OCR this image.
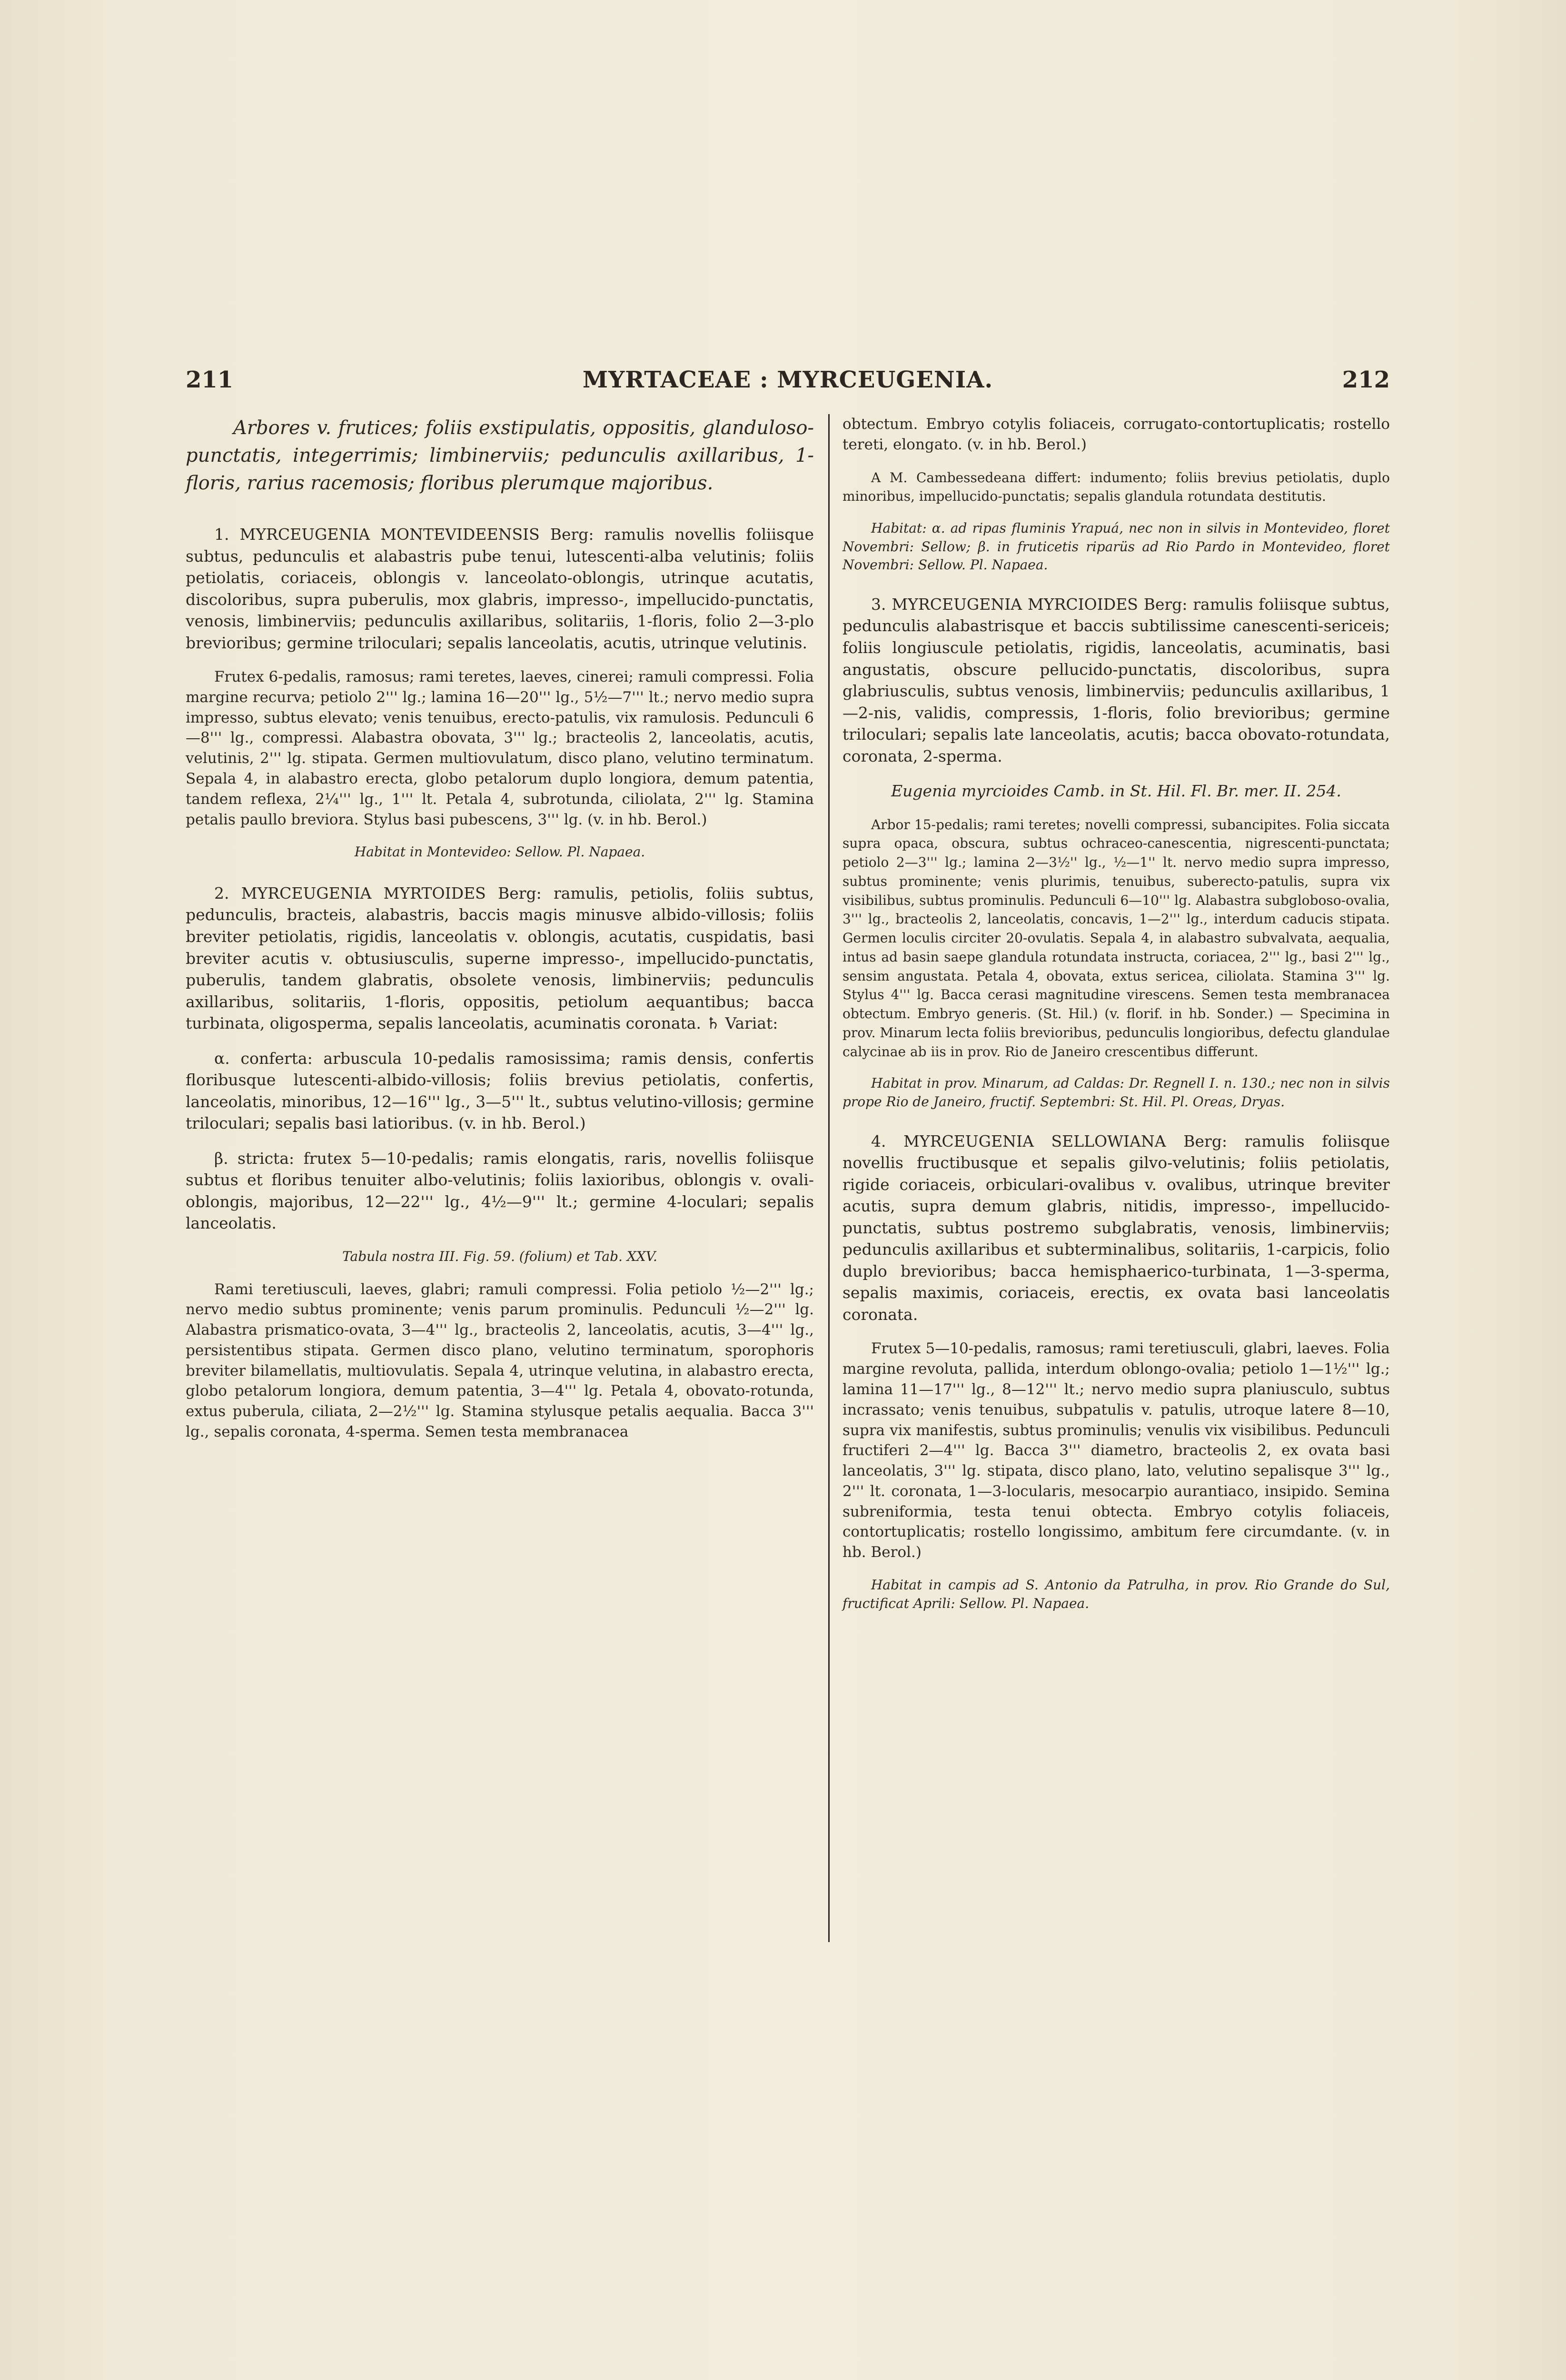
211	MYRTACEAE : MYRCEUGENIA.	212

Arbores v. frutices; foliis exstipulatis, oppositis, glanduloso-punctatis, integerrimis; limbinerviis; pedunculis axillaribus, 1-floris, rarius racemosis; floribus plerumque majoribus.

1. MYRCEUGENIA MONTEVIDEENSIS Berg: ramulis novellis foliisque subtus, pedunculis et alabastris pube tenui, lutescenti-alba velutinis; foliis petiolatis, coriaceis, oblongis v. lanceolato-oblongis, utrinque acutatis, discoloribus, supra puberulis, mox glabris, impresso-, impellucido-punctatis, venosis, limbinerviis; pedunculis axillaribus, solitariis, 1-floris, folio 2—3-plo brevioribus; germine triloculari; sepalis lanceolatis, acutis, utrinque velutinis.

Frutex 6-pedalis, ramosus; rami teretes, laeves, cinerei; ramuli compressi. Folia margine recurva; petiolo 2''' lg.; lamina 16—20''' lg., 5½—7''' lt.; nervo medio supra impresso, subtus elevato; venis tenuibus, erecto-patulis, vix ramulosis. Pedunculi 6—8''' lg., compressi. Alabastra obovata, 3''' lg.; bracteolis 2, lanceolatis, acutis, velutinis, 2''' lg. stipata. Germen multiovulatum, disco plano, velutino terminatum. Sepala 4, in alabastro erecta, globo petalorum duplo longiora, demum patentia, tandem reflexa, 2¼''' lg., 1''' lt. Petala 4, subrotunda, ciliolata, 2''' lg. Stamina petalis paullo breviora. Stylus basi pubescens, 3''' lg. (v. in hb. Berol.)

Habitat in Montevideo: Sellow. Pl. Napaea.

2. MYRCEUGENIA MYRTOIDES Berg: ramulis, petiolis, foliis subtus, pedunculis, bracteis, alabastris, baccis magis minusve albido-villosis; foliis breviter petiolatis, rigidis, lanceolatis v. oblongis, acutatis, cuspidatis, basi breviter acutis v. obtusiusculis, superne impresso-, impellucido-punctatis, puberulis, tandem glabratis, obsolete venosis, limbinerviis; pedunculis axillaribus, solitariis, 1-floris, oppositis, petiolum aequantibus; bacca turbinata, oligosperma, sepalis lanceolatis, acuminatis coronata. ♄ Variat:

α. conferta: arbuscula 10-pedalis ramosissima; ramis densis, confertis floribusque lutescenti-albido-villosis; foliis brevius petiolatis, confertis, lanceolatis, minoribus, 12—16''' lg., 3—5''' lt., subtus velutino-villosis; germine triloculari; sepalis basi latioribus. (v. in hb. Berol.)

β. stricta: frutex 5—10-pedalis; ramis elongatis, raris, novellis foliisque subtus et floribus tenuiter albo-velutinis; foliis laxioribus, oblongis v. ovali-oblongis, majoribus, 12—22''' lg., 4½—9''' lt.; germine 4-loculari; sepalis lanceolatis.

Tabula nostra III. Fig. 59. (folium) et Tab. XXV.

Rami teretiusculi, laeves, glabri; ramuli compressi. Folia petiolo ½—2''' lg.; nervo medio subtus prominente; venis parum prominulis. Pedunculi ½—2''' lg. Alabastra prismatico-ovata, 3—4''' lg., bracteolis 2, lanceolatis, acutis, 3—4''' lg., persistentibus stipata. Germen disco plano, velutino terminatum, sporophoris breviter bilamellatis, multiovulatis. Sepala 4, utrinque velutina, in alabastro erecta, globo petalorum longiora, demum patentia, 3—4''' lg. Petala 4, obovato-rotunda, extus puberula, ciliata, 2—2½''' lg. Stamina stylusque petalis aequalia. Bacca 3''' lg., sepalis coronata, 4-sperma. Semen testa membranacea

obtectum. Embryo cotylis foliaceis, corrugato-contortuplicatis; rostello tereti, elongato. (v. in hb. Berol.)

A M. Cambessedeana differt: indumento; foliis brevius petiolatis, duplo minoribus, impellucido-punctatis; sepalis glandula rotundata destitutis.

Habitat: α. ad ripas fluminis Yrapuá, nec non in silvis in Montevideo, floret Novembri: Sellow; β. in fruticetis riparüs ad Rio Pardo in Montevideo, floret Novembri: Sellow. Pl. Napaea.

3. MYRCEUGENIA MYRCIOIDES Berg: ramulis foliisque subtus, pedunculis alabastrisque et baccis subtilissime canescenti-sericeis; foliis longiuscule petiolatis, rigidis, lanceolatis, acuminatis, basi angustatis, obscure pellucido-punctatis, discoloribus, supra glabriusculis, subtus venosis, limbinerviis; pedunculis axillaribus, 1—2-nis, validis, compressis, 1-floris, folio brevioribus; germine triloculari; sepalis late lanceolatis, acutis; bacca obovato-rotundata, coronata, 2-sperma.

Eugenia myrcioides Camb. in St. Hil. Fl. Br. mer. II. 254.

Arbor 15-pedalis; rami teretes; novelli compressi, subancipites. Folia siccata supra opaca, obscura, subtus ochraceo-canescentia, nigrescenti-punctata; petiolo 2—3''' lg.; lamina 2—3½'' lg., ½—1'' lt. nervo medio supra impresso, subtus prominente; venis plurimis, tenuibus, suberecto-patulis, supra vix visibilibus, subtus prominulis. Pedunculi 6—10''' lg. Alabastra subgloboso-ovalia, 3''' lg., bracteolis 2, lanceolatis, concavis, 1—2''' lg., interdum caducis stipata. Germen loculis circiter 20-ovulatis. Sepala 4, in alabastro subvalvata, aequalia, intus ad basin saepe glandula rotundata instructa, coriacea, 2''' lg., basi 2''' lg., sensim angustata. Petala 4, obovata, extus sericea, ciliolata. Stamina 3''' lg. Stylus 4''' lg. Bacca cerasi magnitudine virescens. Semen testa membranacea obtectum. Embryo generis. (St. Hil.) (v. florif. in hb. Sonder.) — Specimina in prov. Minarum lecta foliis brevioribus, pedunculis longioribus, defectu glandulae calycinae ab iis in prov. Rio de Janeiro crescentibus differunt.

Habitat in prov. Minarum, ad Caldas: Dr. Regnell I. n. 130.; nec non in silvis prope Rio de Janeiro, fructif. Septembri: St. Hil. Pl. Oreas, Dryas.

4. MYRCEUGENIA SELLOWIANA Berg: ramulis foliisque novellis fructibusque et sepalis gilvo-velutinis; foliis petiolatis, rigide coriaceis, orbiculari-ovalibus v. ovalibus, utrinque breviter acutis, supra demum glabris, nitidis, impresso-, impellucido-punctatis, subtus postremo subglabratis, venosis, limbinerviis; pedunculis axillaribus et subterminalibus, solitariis, 1-carpicis, folio duplo brevioribus; bacca hemisphaerico-turbinata, 1—3-sperma, sepalis maximis, coriaceis, erectis, ex ovata basi lanceolatis coronata.

Frutex 5—10-pedalis, ramosus; rami teretiusculi, glabri, laeves. Folia margine revoluta, pallida, interdum oblongo-ovalia; petiolo 1—1½''' lg.; lamina 11—17''' lg., 8—12''' lt.; nervo medio supra planiusculo, subtus incrassato; venis tenuibus, subpatulis v. patulis, utroque latere 8—10, supra vix manifestis, subtus prominulis; venulis vix visibilibus. Pedunculi fructiferi 2—4''' lg. Bacca 3''' diametro, bracteolis 2, ex ovata basi lanceolatis, 3''' lg. stipata, disco plano, lato, velutino sepalisque 3''' lg., 2''' lt. coronata, 1—3-locularis, mesocarpio aurantiaco, insipido. Semina subreniformia, testa tenui obtecta. Embryo cotylis foliaceis, contortuplicatis; rostello longissimo, ambitum fere circumdante. (v. in hb. Berol.)

Habitat in campis ad S. Antonio da Patrulha, in prov. Rio Grande do Sul, fructificat Aprili: Sellow. Pl. Napaea.
